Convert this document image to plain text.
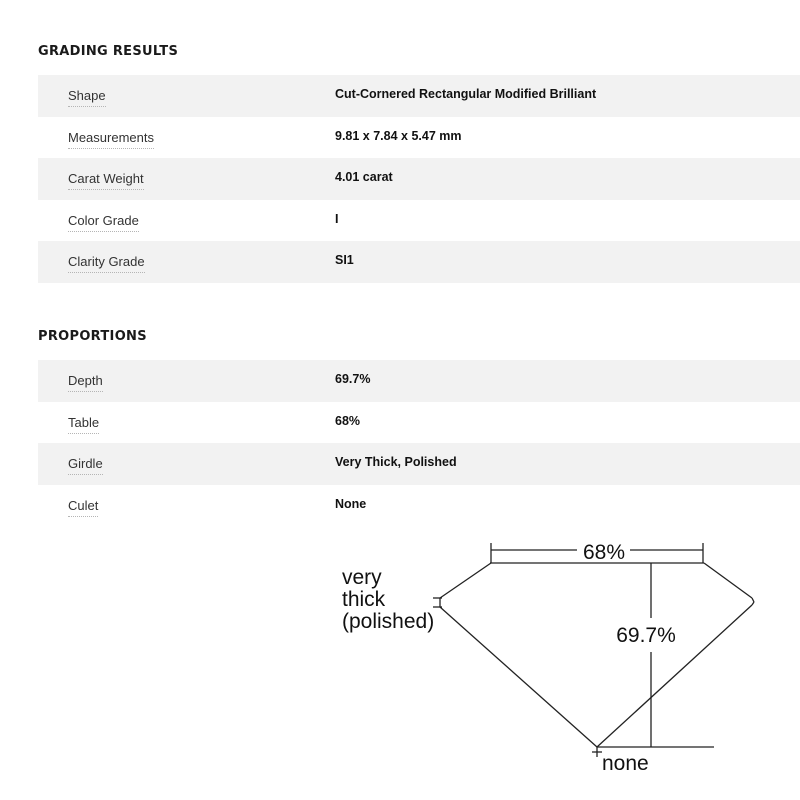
GRADING RESULTS
Shape	Cut-Cornered Rectangular Modified Brilliant
Measurements	9.81 x 7.84 x 5.47 mm
Carat Weight	4.01 carat
Color Grade	I
Clarity Grade	SI1
PROPORTIONS
Depth	69.7%
Table	68%
Girdle	Very Thick, Polished
Culet	None
68%
69.7%
very
thick
(polished)
none
